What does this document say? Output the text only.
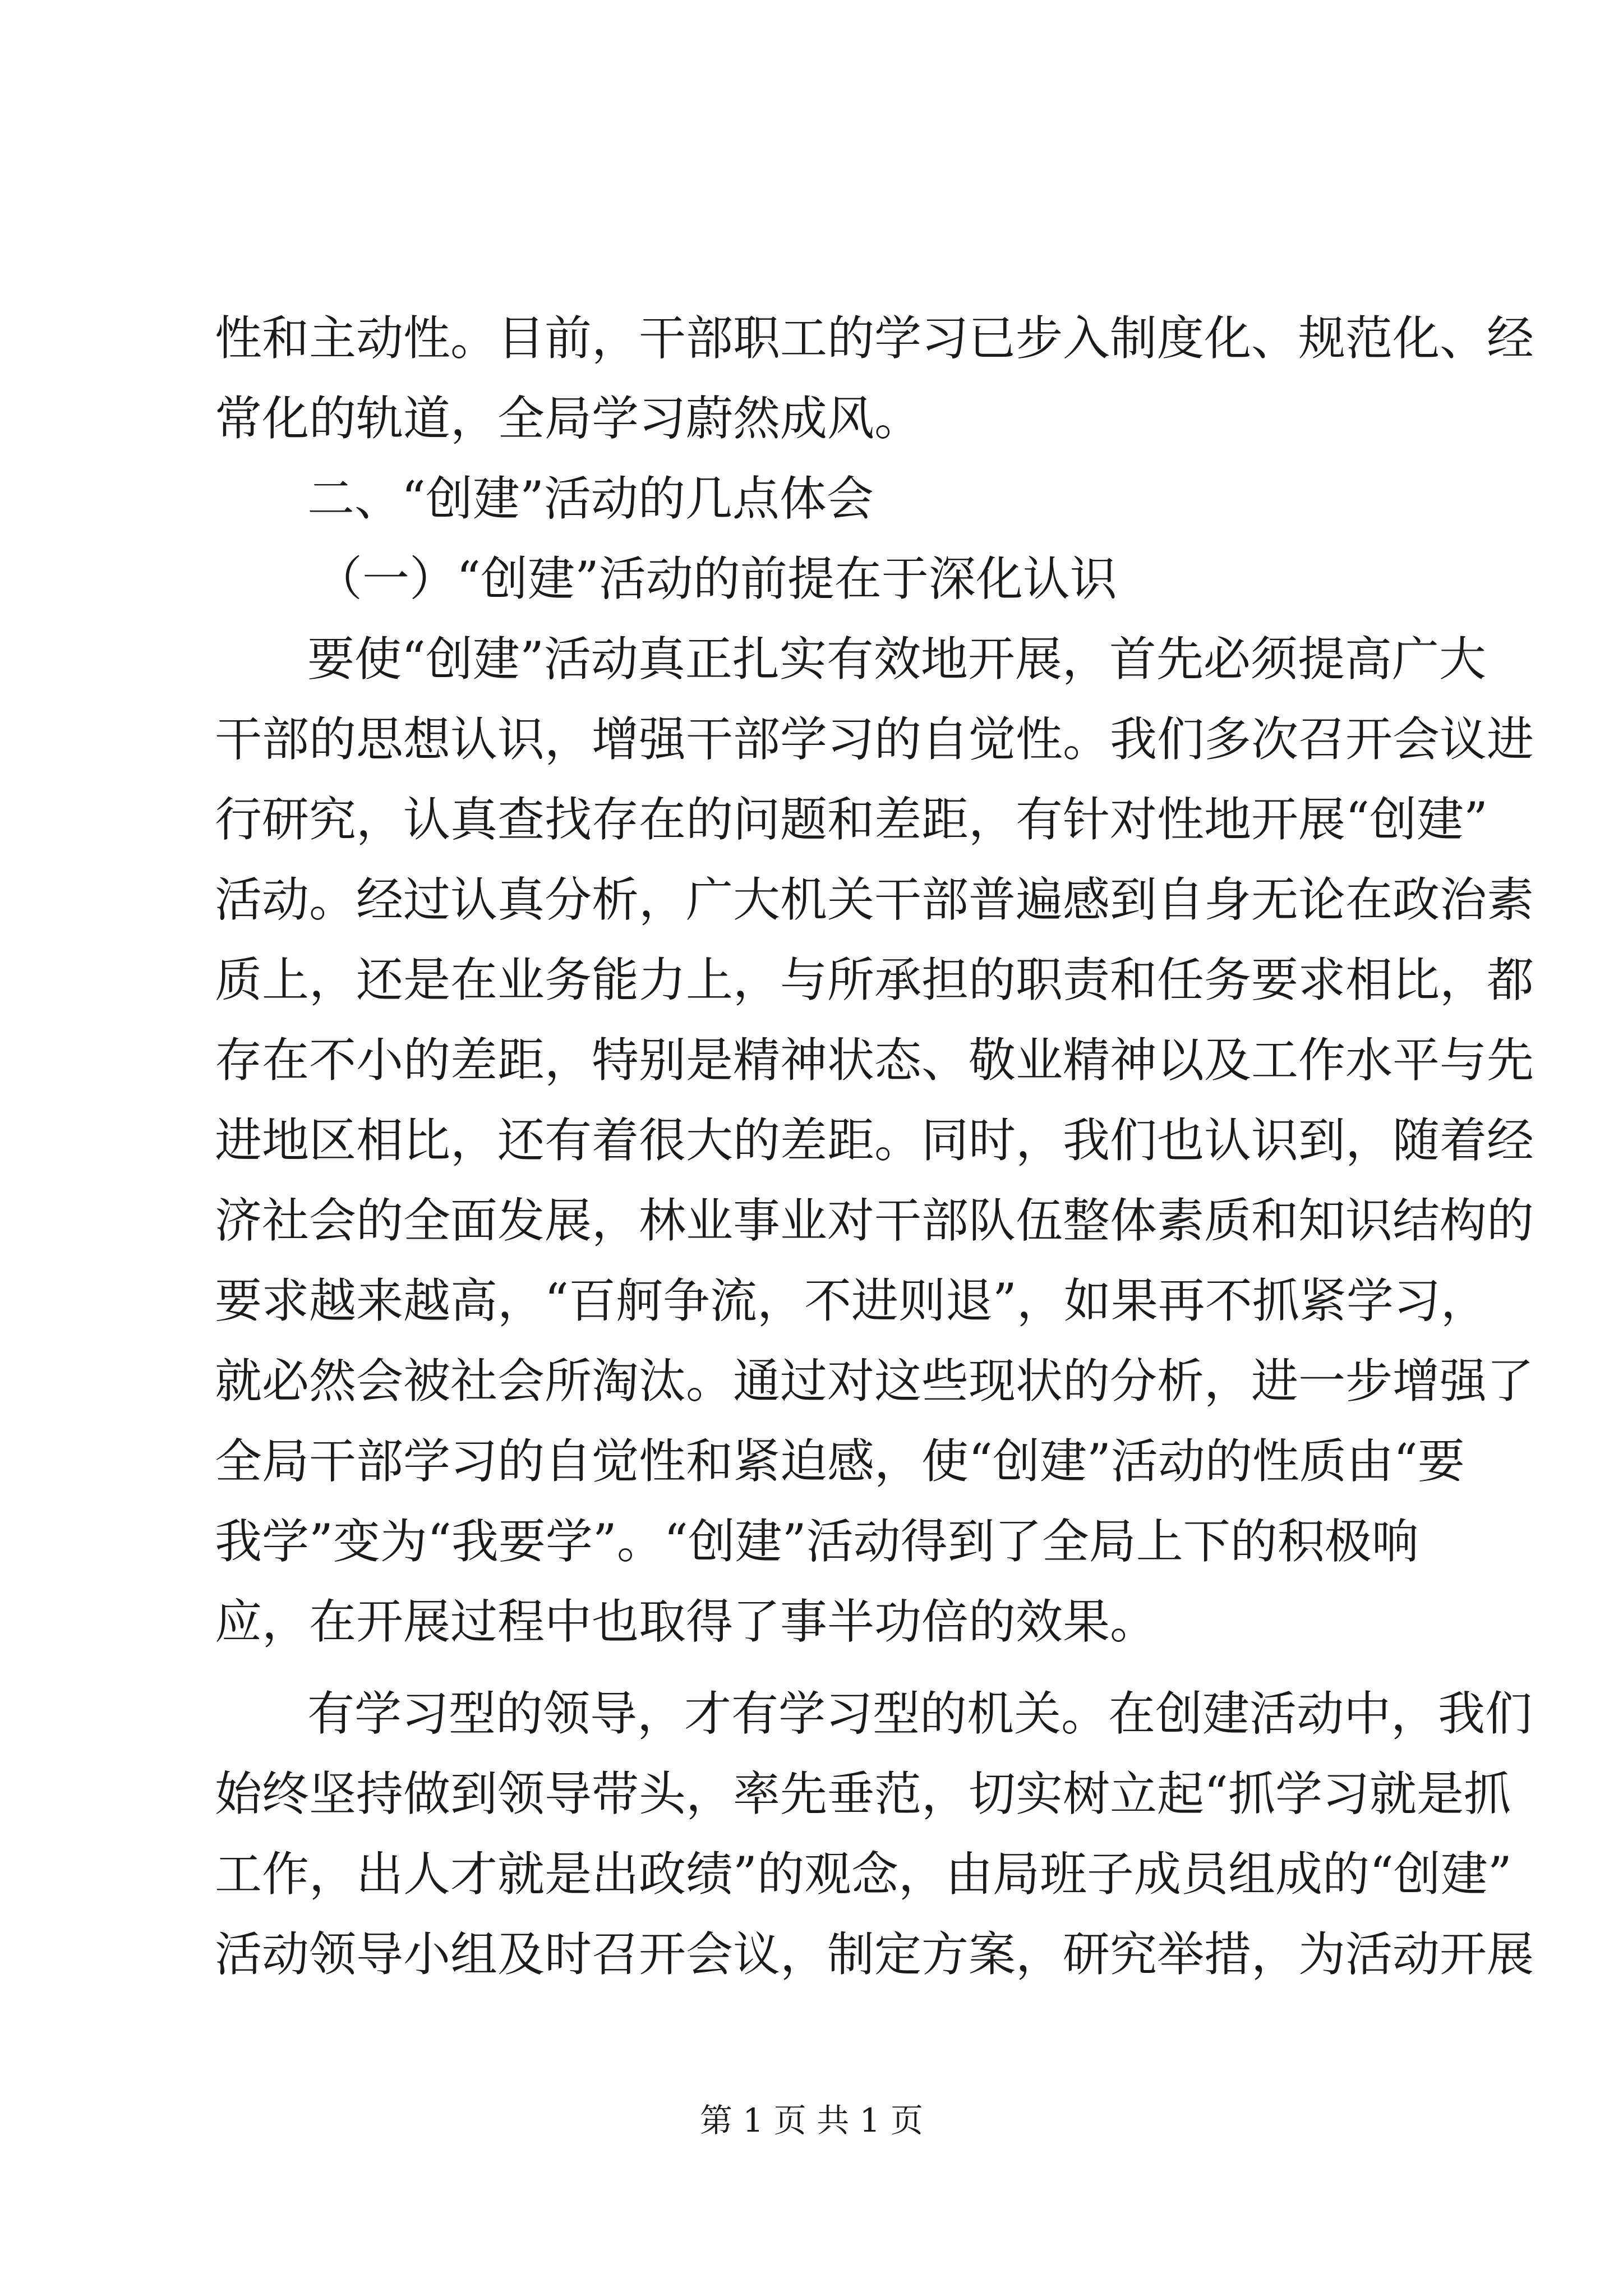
性和主动性。目前，干部职工的学习已步入制度化、规范化、经
常化的轨道，全局学习蔚然成风。
二、“创建”活动的几点体会
（一）“创建”活动的前提在于深化认识
要使“创建”活动真正扎实有效地开展，首先必须提高广大
干部的思想认识，增强干部学习的自觉性。我们多次召开会议进
行研究，认真查找存在的问题和差距，有针对性地开展“创建”
活动。经过认真分析，广大机关干部普遍感到自身无论在政治素
质上，还是在业务能力上，与所承担的职责和任务要求相比，都
存在不小的差距，特别是精神状态、敬业精神以及工作水平与先
进地区相比，还有着很大的差距。同时，我们也认识到，随着经
济社会的全面发展，林业事业对干部队伍整体素质和知识结构的
要求越来越高，“百舸争流，不进则退”，如果再不抓紧学习，
就必然会被社会所淘汰。通过对这些现状的分析，进一步增强了
全局干部学习的自觉性和紧迫感，使“创建”活动的性质由“要
我学”变为“我要学”。“创建”活动得到了全局上下的积极响
应，在开展过程中也取得了事半功倍的效果。
有学习型的领导，才有学习型的机关。在创建活动中，我们
始终坚持做到领导带头，率先垂范，切实树立起“抓学习就是抓
工作，出人才就是出政绩”的观念，由局班子成员组成的“创建”
活动领导小组及时召开会议，制定方案，研究举措，为活动开展
第 1 页 共 1 页
